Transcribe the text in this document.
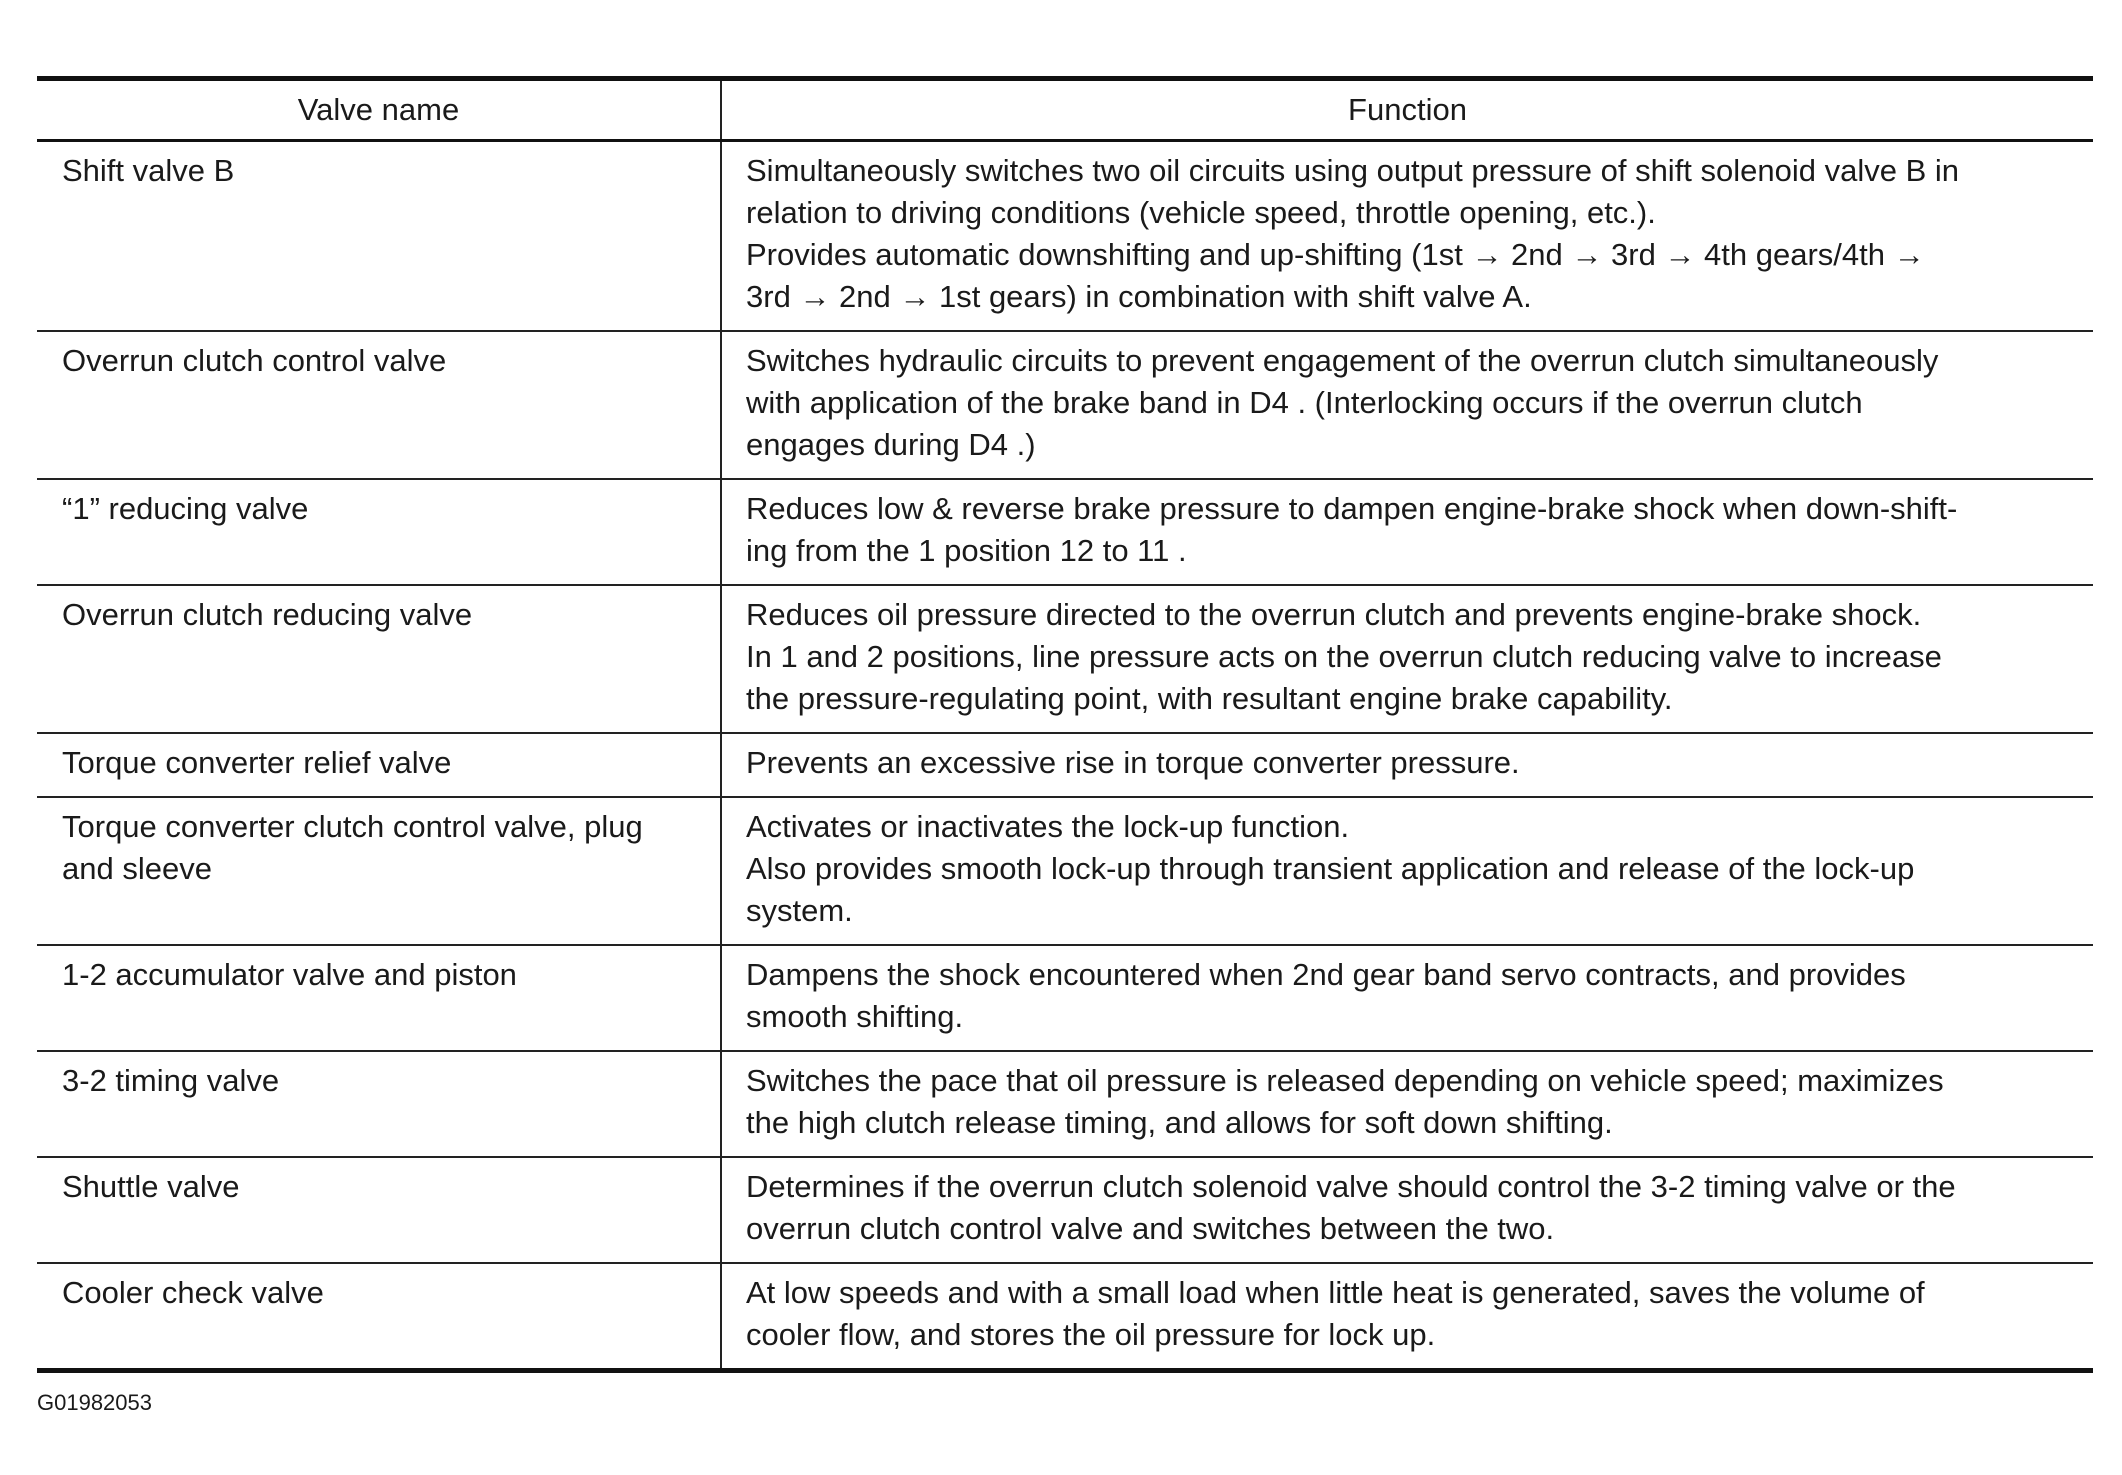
Valve name	Function

Shift valve B	Simultaneously switches two oil circuits using output pressure of shift solenoid valve B in
relation to driving conditions (vehicle speed, throttle opening, etc.).
Provides automatic downshifting and up-shifting (1st → 2nd → 3rd → 4th gears/4th →
3rd → 2nd → 1st gears) in combination with shift valve A.

Overrun clutch control valve	Switches hydraulic circuits to prevent engagement of the overrun clutch simultaneously
with application of the brake band in D4 . (Interlocking occurs if the overrun clutch
engages during D4 .)

“1” reducing valve	Reduces low & reverse brake pressure to dampen engine-brake shock when down-shift-
ing from the 1 position 12 to 11 .

Overrun clutch reducing valve	Reduces oil pressure directed to the overrun clutch and prevents engine-brake shock.
In 1 and 2 positions, line pressure acts on the overrun clutch reducing valve to increase
the pressure-regulating point, with resultant engine brake capability.

Torque converter relief valve	Prevents an excessive rise in torque converter pressure.

Torque converter clutch control valve, plug
and sleeve	Activates or inactivates the lock-up function.
Also provides smooth lock-up through transient application and release of the lock-up
system.

1-2 accumulator valve and piston	Dampens the shock encountered when 2nd gear band servo contracts, and provides
smooth shifting.

3-2 timing valve	Switches the pace that oil pressure is released depending on vehicle speed; maximizes
the high clutch release timing, and allows for soft down shifting.

Shuttle valve	Determines if the overrun clutch solenoid valve should control the 3-2 timing valve or the
overrun clutch control valve and switches between the two.

Cooler check valve	At low speeds and with a small load when little heat is generated, saves the volume of
cooler flow, and stores the oil pressure for lock up.
G01982053
